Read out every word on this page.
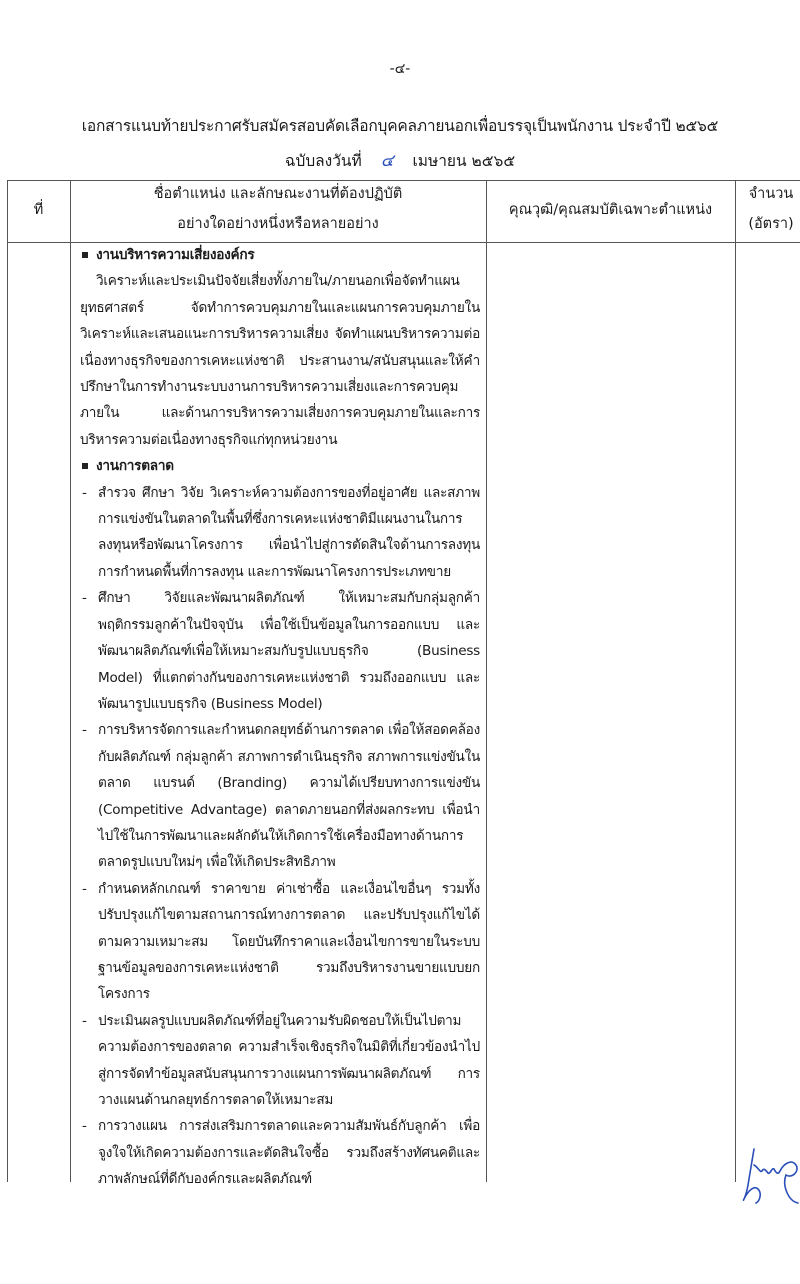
-๔-
เอกสารแนบท้ายประกาศรับสมัครสอบคัดเลือกบุคคลภายนอกเพื่อบรรจุเป็นพนักงาน ประจำปี ๒๕๖๕
ฉบับลงวันที่ ๔ เมษายน ๒๕๖๕
ที่
ชื่อตำแหน่ง และลักษณะงานที่ต้องปฏิบัติ
อย่างใดอย่างหนึ่งหรือหลายอย่าง
คุณวุฒิ/คุณสมบัติเฉพาะตำแหน่ง
จำนวน
(อัตรา)
งานบริหารความเสี่ยงองค์กร
วิเคราะห์และประเมินปัจจัยเสี่ยงทั้งภายใน/ภายนอกเพื่อจัดทำแผนยุทธศาสตร์ จัดทำการควบคุมภายในและแผนการควบคุมภายใน วิเคราะห์และเสนอแนะการบริหารความเสี่ยง จัดทำแผนบริหารความต่อเนื่องทางธุรกิจของการเคหะแห่งชาติ ประสานงาน/สนับสนุนและให้คำปรึกษาในการทำงานระบบงานการบริหารความเสี่ยงและการควบคุมภายใน และด้านการบริหารความเสี่ยงการควบคุมภายในและการบริหารความต่อเนื่องทางธุรกิจแก่ทุกหน่วยงาน
งานการตลาด
- สำรวจ ศึกษา วิจัย วิเคราะห์ความต้องการของที่อยู่อาศัย และสภาพการแข่งขันในตลาดในพื้นที่ซึ่งการเคหะแห่งชาติมีแผนงานในการลงทุนหรือพัฒนาโครงการ เพื่อนำไปสู่การตัดสินใจด้านการลงทุน การกำหนดพื้นที่การลงทุน และการพัฒนาโครงการประเภทขาย
- ศึกษา วิจัยและพัฒนาผลิตภัณฑ์ ให้เหมาะสมกับกลุ่มลูกค้า พฤติกรรมลูกค้าในปัจจุบัน เพื่อใช้เป็นข้อมูลในการออกแบบ และพัฒนาผลิตภัณฑ์เพื่อให้เหมาะสมกับรูปแบบธุรกิจ (Business Model) ที่แตกต่างกันของการเคหะแห่งชาติ รวมถึงออกแบบ และพัฒนารูปแบบธุรกิจ (Business Model)
- การบริหารจัดการและกำหนดกลยุทธ์ด้านการตลาด เพื่อให้สอดคล้องกับผลิตภัณฑ์ กลุ่มลูกค้า สภาพการดำเนินธุรกิจ สภาพการแข่งขันในตลาด แบรนด์ (Branding) ความได้เปรียบทางการแข่งขัน (Competitive Advantage) ตลาดภายนอกที่ส่งผลกระทบ เพื่อนำไปใช้ในการพัฒนาและผลักดันให้เกิดการใช้เครื่องมือทางด้านการตลาดรูปแบบใหม่ๆ เพื่อให้เกิดประสิทธิภาพ
- กำหนดหลักเกณฑ์ ราคาขาย ค่าเช่าซื้อ และเงื่อนไขอื่นๆ รวมทั้งปรับปรุงแก้ไขตามสถานการณ์ทางการตลาด และปรับปรุงแก้ไขได้ตามความเหมาะสม โดยบันทึกราคาและเงื่อนไขการขายในระบบฐานข้อมูลของการเคหะแห่งชาติ รวมถึงบริหารงานขายแบบยกโครงการ
- ประเมินผลรูปแบบผลิตภัณฑ์ที่อยู่ในความรับผิดชอบให้เป็นไปตามความต้องการของตลาด ความสำเร็จเชิงธุรกิจในมิติที่เกี่ยวข้องนำไปสู่การจัดทำข้อมูลสนับสนุนการวางแผนการพัฒนาผลิตภัณฑ์ การวางแผนด้านกลยุทธ์การตลาดให้เหมาะสม
- การวางแผน การส่งเสริมการตลาดและความสัมพันธ์กับลูกค้า เพื่อจูงใจให้เกิดความต้องการและตัดสินใจซื้อ รวมถึงสร้างทัศนคติและภาพลักษณ์ที่ดีกับองค์กรและผลิตภัณฑ์
